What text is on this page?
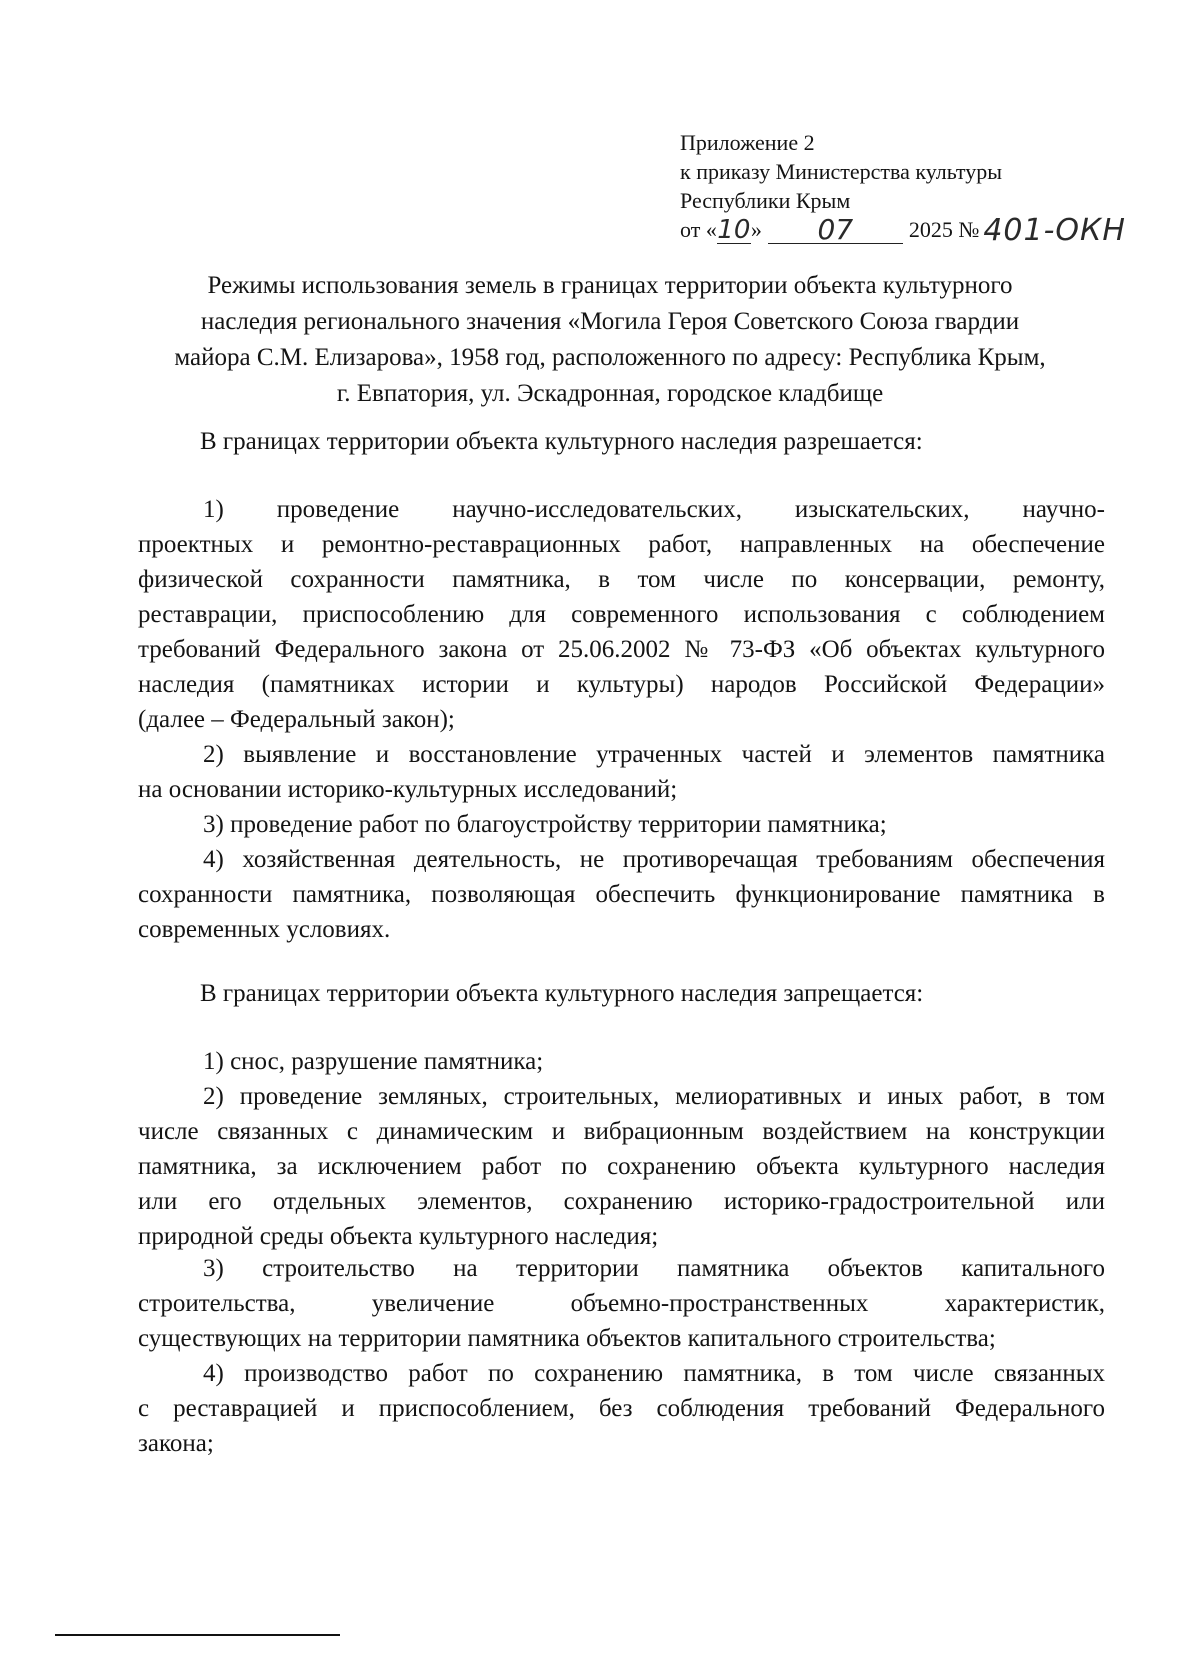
Приложение 2
к приказу Министерства культуры
Республики Крым
от « 10 »	07	2025 № 401-ОКН
Режимы использования земель в границах территории объекта культурного
наследия регионального значения «Могила Героя Советского Союза гвардии
майора С.М. Елизарова», 1958 год, расположенного по адресу: Республика Крым,
г. Евпатория, ул. Эскадронная, городское кладбище
В границах территории объекта культурного наследия разрешается:
1) проведение научно-исследовательских, изыскательских, научно-
проектных и ремонтно-реставрационных работ, направленных на обеспечение
физической сохранности памятника, в том числе по консервации, ремонту,
реставрации, приспособлению для современного использования с соблюдением
требований Федерального закона от 25.06.2002 № 73-ФЗ «Об объектах культурного
наследия (памятниках истории и культуры) народов Российской Федерации»
(далее – Федеральный закон);
2) выявление и восстановление утраченных частей и элементов памятника
на основании историко-культурных исследований;
3) проведение работ по благоустройству территории памятника;
4) хозяйственная деятельность, не противоречащая требованиям обеспечения
сохранности памятника, позволяющая обеспечить функционирование памятника в
современных условиях.
В границах территории объекта культурного наследия запрещается:
1) снос, разрушение памятника;
2) проведение земляных, строительных, мелиоративных и иных работ, в том
числе связанных с динамическим и вибрационным воздействием на конструкции
памятника, за исключением работ по сохранению объекта культурного наследия
или его отдельных элементов, сохранению историко-градостроительной или
природной среды объекта культурного наследия;
3) строительство на территории памятника объектов капитального
строительства, увеличение объемно-пространственных характеристик,
существующих на территории памятника объектов капитального строительства;
4) производство работ по сохранению памятника, в том числе связанных
с реставрацией и приспособлением, без соблюдения требований Федерального
закона;
